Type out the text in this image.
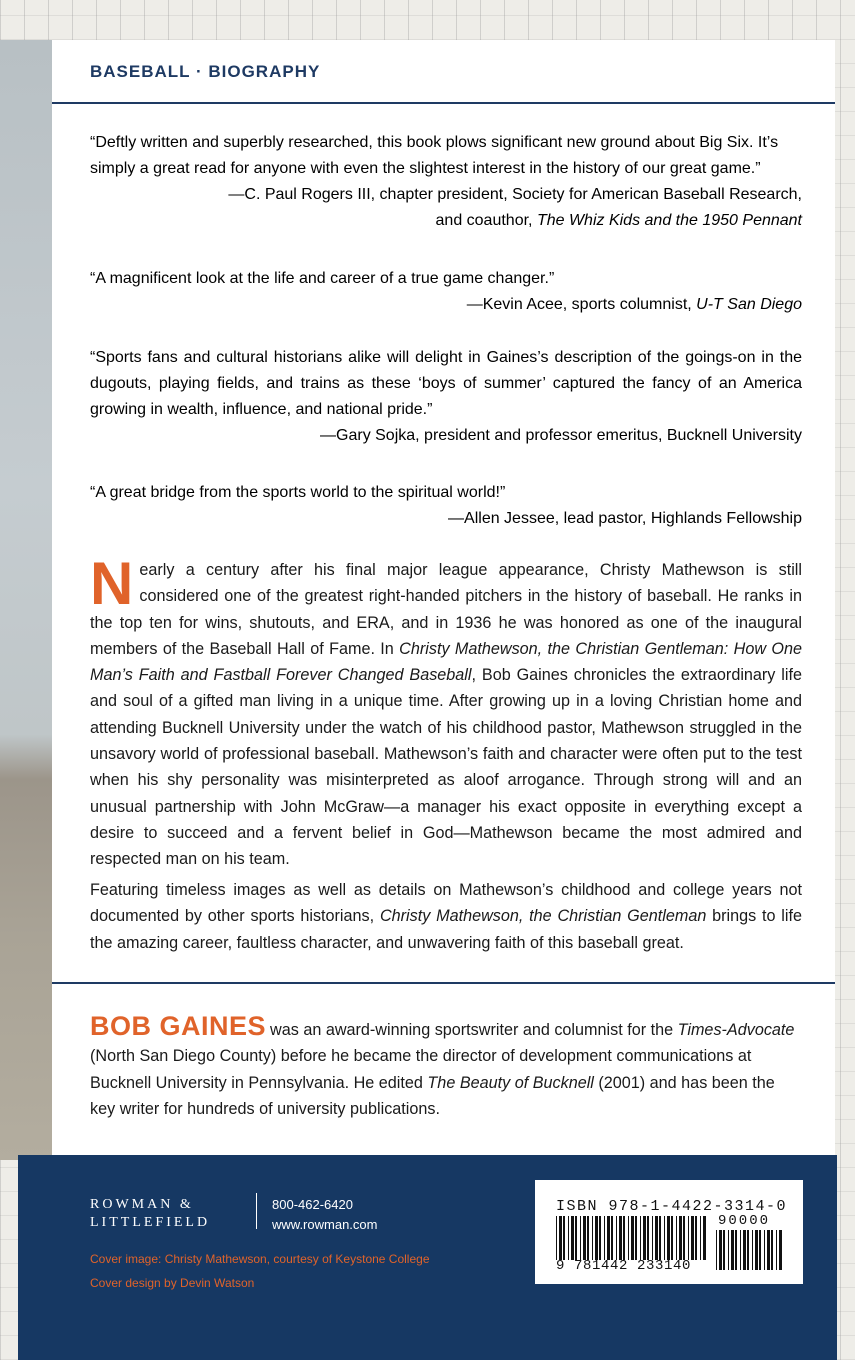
BASEBALL · BIOGRAPHY

“Deftly written and superbly researched, this book plows significant new ground about Big Six. It’s simply a great read for anyone with even the slightest interest in the history of our great game.”

—C. Paul Rogers III, chapter president, Society for American Baseball Research,

and coauthor, The Whiz Kids and the 1950 Pennant

“A magnificent look at the life and career of a true game changer.”

—Kevin Acee, sports columnist, U-T San Diego

“Sports fans and cultural historians alike will delight in Gaines’s description of the goings-on in the dugouts, playing fields, and trains as these ‘boys of summer’ captured the fancy of an America growing in wealth, influence, and national pride.”

—Gary Sojka, president and professor emeritus, Bucknell University

“A great bridge from the sports world to the spiritual world!”

—Allen Jessee, lead pastor, Highlands Fellowship

Nearly a century after his final major league appearance, Christy Mathewson is still considered one of the greatest right-handed pitchers in the history of baseball. He ranks in the top ten for wins, shutouts, and ERA, and in 1936 he was honored as one of the inaugural members of the Baseball Hall of Fame. In Christy Mathewson, the Christian Gentleman: How One Man’s Faith and Fastball Forever Changed Baseball, Bob Gaines chronicles the extraordinary life and soul of a gifted man living in a unique time. After growing up in a loving Christian home and attending Bucknell University under the watch of his childhood pastor, Mathewson struggled in the unsavory world of professional baseball. Mathewson’s faith and character were often put to the test when his shy personality was misinterpreted as aloof arrogance. Through strong will and an unusual partnership with John McGraw—a manager his exact opposite in everything except a desire to succeed and a fervent belief in God—Mathewson became the most admired and respected man on his team.

Featuring timeless images as well as details on Mathewson’s childhood and college years not documented by other sports historians, Christy Mathewson, the Christian Gentleman brings to life the amazing career, faultless character, and unwavering faith of this baseball great.

BOB GAINES was an award-winning sportswriter and columnist for the Times-Advocate (North San Diego County) before he became the director of development communications at Bucknell University in Pennsylvania. He edited The Beauty of Bucknell (2001) and has been the key writer for hundreds of university publications.

ROWMAN &
LITTLEFIELD
800-462-6420
www.rowman.com
Cover image: Christy Mathewson, courtesy of Keystone College
Cover design by Devin Watson
ISBN 978-1-4422-3314-0
90000
9 781442 233140
